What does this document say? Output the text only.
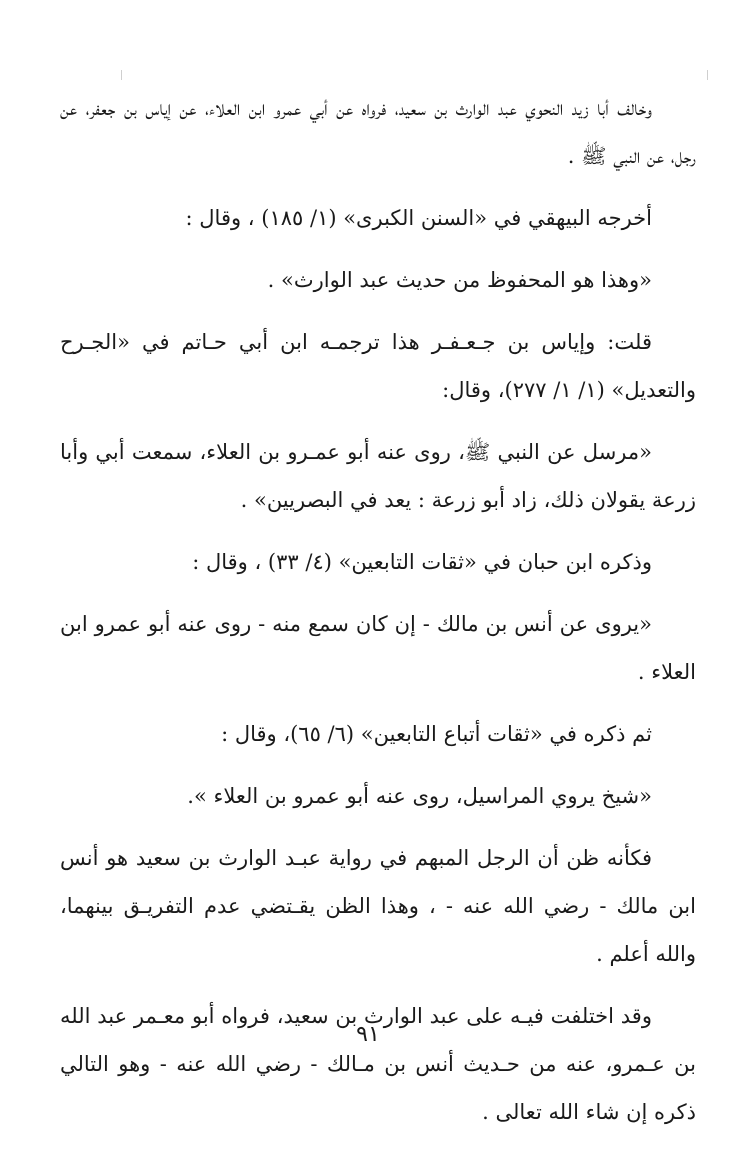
وخالف أبا زيد النحوي عبد الوارث بن سعيد، فرواه عن أبي عمرو ابن العلاء، عن إياس بن جعفر، عن رجل، عن النبي ﷺ .

أخرجه البيهقي في «السنن الكبرى» (١/ ١٨٥) ، وقال :

«وهذا هو المحفوظ من حديث عبد الوارث» .

قلت: وإياس بن جـعـفـر هذا ترجمـه ابن أبي حـاتم في «الجـرح والتعديل» (١/ ١/ ٢٧٧)، وقال:

«مرسل عن النبي ﷺ، روى عنه أبو عمـرو بن العلاء، سمعت أبي وأبا زرعة يقولان ذلك، زاد أبو زرعة : يعد في البصريين» .

وذكره ابن حبان في «ثقات التابعين» (٤/ ٣٣) ، وقال :

«يروى عن أنس بن مالك - إن كان سمع منه - روى عنه أبو عمرو ابن العلاء .

ثم ذكره في «ثقات أتباع التابعين» (٦/ ٦٥)، وقال :

«شيخ يروي المراسيل، روى عنه أبو عمرو بن العلاء ».

فكأنه ظن أن الرجل المبهم في رواية عبـد الوارث بن سعيد هو أنس ابن مالك - رضي الله عنه - ، وهذا الظن يقـتضي عدم التفريـق بينهما، والله أعلم .

وقد اختلفت فيـه على عبد الوارث بن سعيد، فرواه أبو معـمر عبد الله بن عـمرو، عنه من حـديث أنس بن مـالك - رضي الله عنه - وهو التالي ذكره إن شاء الله تعالى .

٩١
